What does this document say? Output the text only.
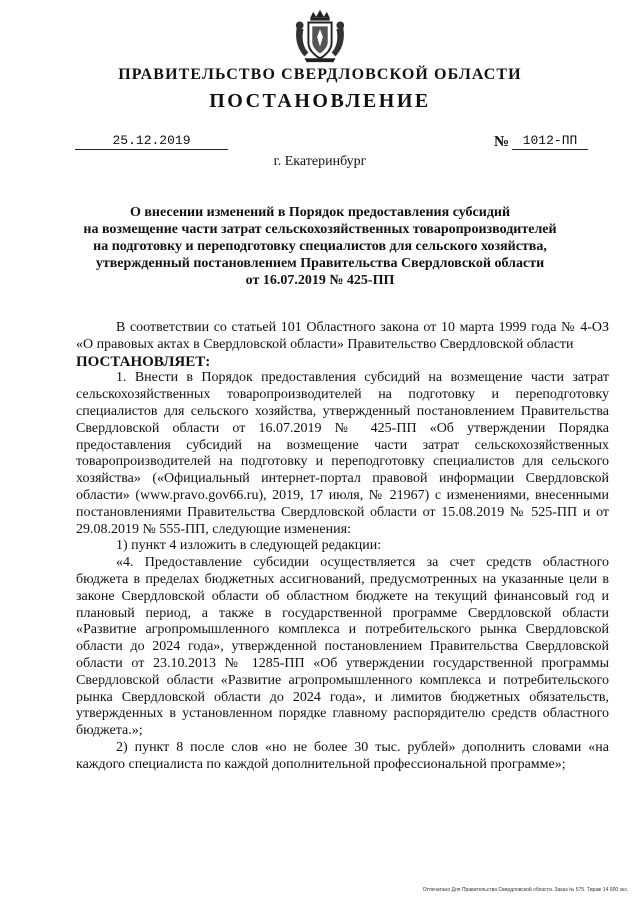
ПРАВИТЕЛЬСТВО СВЕРДЛОВСКОЙ ОБЛАСТИ
ПОСТАНОВЛЕНИЕ
25.12.2019	№	1012-ПП
г. Екатеринбург
О внесении изменений в Порядок предоставления субсидий
на возмещение части затрат сельскохозяйственных товаропроизводителей
на подготовку и переподготовку специалистов для сельского хозяйства,
утвержденный постановлением Правительства Свердловской области
от 16.07.2019 № 425-ПП

В соответствии со статьей 101 Областного закона от 10 марта 1999 года № 4-ОЗ «О правовых актах в Свердловской области» Правительство Свердловской области

ПОСТАНОВЛЯЕТ:

1. Внести в Порядок предоставления субсидий на возмещение части затрат сельскохозяйственных товаропроизводителей на подготовку и переподготовку специалистов для сельского хозяйства, утвержденный постановлением Правительства Свердловской области от 16.07.2019 № 425-ПП «Об утверждении Порядка предоставления субсидий на возмещение части затрат сельскохозяйственных товаропроизводителей на подготовку и переподготовку специалистов для сельского хозяйства» («Официальный интернет-портал правовой информации Свердловской области» (www.pravo.gov66.ru), 2019, 17 июля, № 21967) с изменениями, внесенными постановлениями Правительства Свердловской области от 15.08.2019 № 525-ПП и от 29.08.2019 № 555-ПП, следующие изменения:

1) пункт 4 изложить в следующей редакции:

«4. Предоставление субсидии осуществляется за счет средств областного бюджета в пределах бюджетных ассигнований, предусмотренных на указанные цели в законе Свердловской области об областном бюджете на текущий финансовый год и плановый период, а также в государственной программе Свердловской области «Развитие агропромышленного комплекса и потребительского рынка Свердловской области до 2024 года», утвержденной постановлением Правительства Свердловской области от 23.10.2013 № 1285-ПП «Об утверждении государственной программы Свердловской области «Развитие агропромышленного комплекса и потребительского рынка Свердловской области до 2024 года», и лимитов бюджетных обязательств, утвержденных в установленном порядке главному распорядителю средств областного бюджета.»;

2) пункт 8 после слов «но не более 30 тыс. рублей» дополнить словами «на каждого специалиста по каждой дополнительной профессиональной программе»;

Отпечатано Для Правительства Свердловской области. Заказ № 575. Тираж 14 000 экз.
